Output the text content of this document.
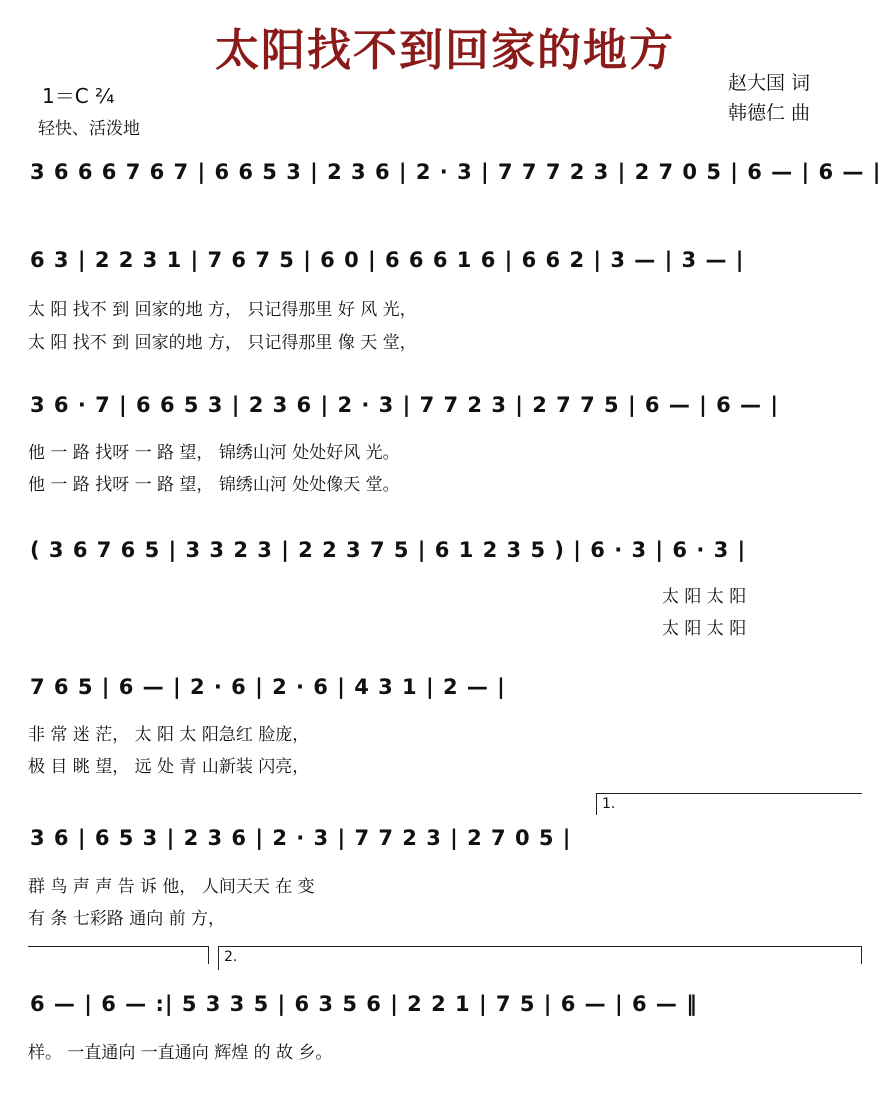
太阳找不到回家的地方
1＝C ²⁄₄
轻快、活泼地
赵大国 词
韩德仁 曲
3 6 6 6 7 6 7 | 6 6 5 3 | 2 3 6 | 2 · 3 | 7 7 7 2 3 | 2 7 0 5 | 6 — | 6 — |
6 3 | 2 2 3 1 | 7 6 7 5 | 6 0 | 6 6 6 1 6 | 6 6 2 | 3 — | 3 — |
太 阳 找不 到 回家的地 方， 只记得那里 好 风 光，
太 阳 找不 到 回家的地 方， 只记得那里 像 天 堂，
3 6 · 7 | 6 6 5 3 | 2 3 6 | 2 · 3 | 7 7 2 3 | 2 7 7 5 | 6 — | 6 — |
他 一 路 找呀 一 路 望， 锦绣山河 处处好风 光。
他 一 路 找呀 一 路 望， 锦绣山河 处处像天 堂。
( 3 6 7 6 5 | 3 3 2 3 | 2 2 3 7 5 | 6 1 2 3 5 ) | 6 · 3 | 6 · 3 |
太 阳 太 阳
太 阳 太 阳
7 6 5 | 6 — | 2 · 6 | 2 · 6 | 4 3 1 | 2 — |
非 常 迷 茫， 太 阳 太 阳急红 脸庞，
极 目 眺 望， 远 处 青 山新装 闪亮，
1.
3 6 | 6 5 3 | 2 3 6 | 2 · 3 | 7 7 2 3 | 2 7 0 5 |
群 鸟 声 声 告 诉 他， 人间天天 在 变
有 条 七彩路 通向 前 方，
2.
6 — | 6 — :| 5 3 3 5 | 6 3 5 6 | 2 2 1 | 7 5 | 6 — | 6 — ‖
样。 一直通向 一直通向 辉煌 的 故 乡。
